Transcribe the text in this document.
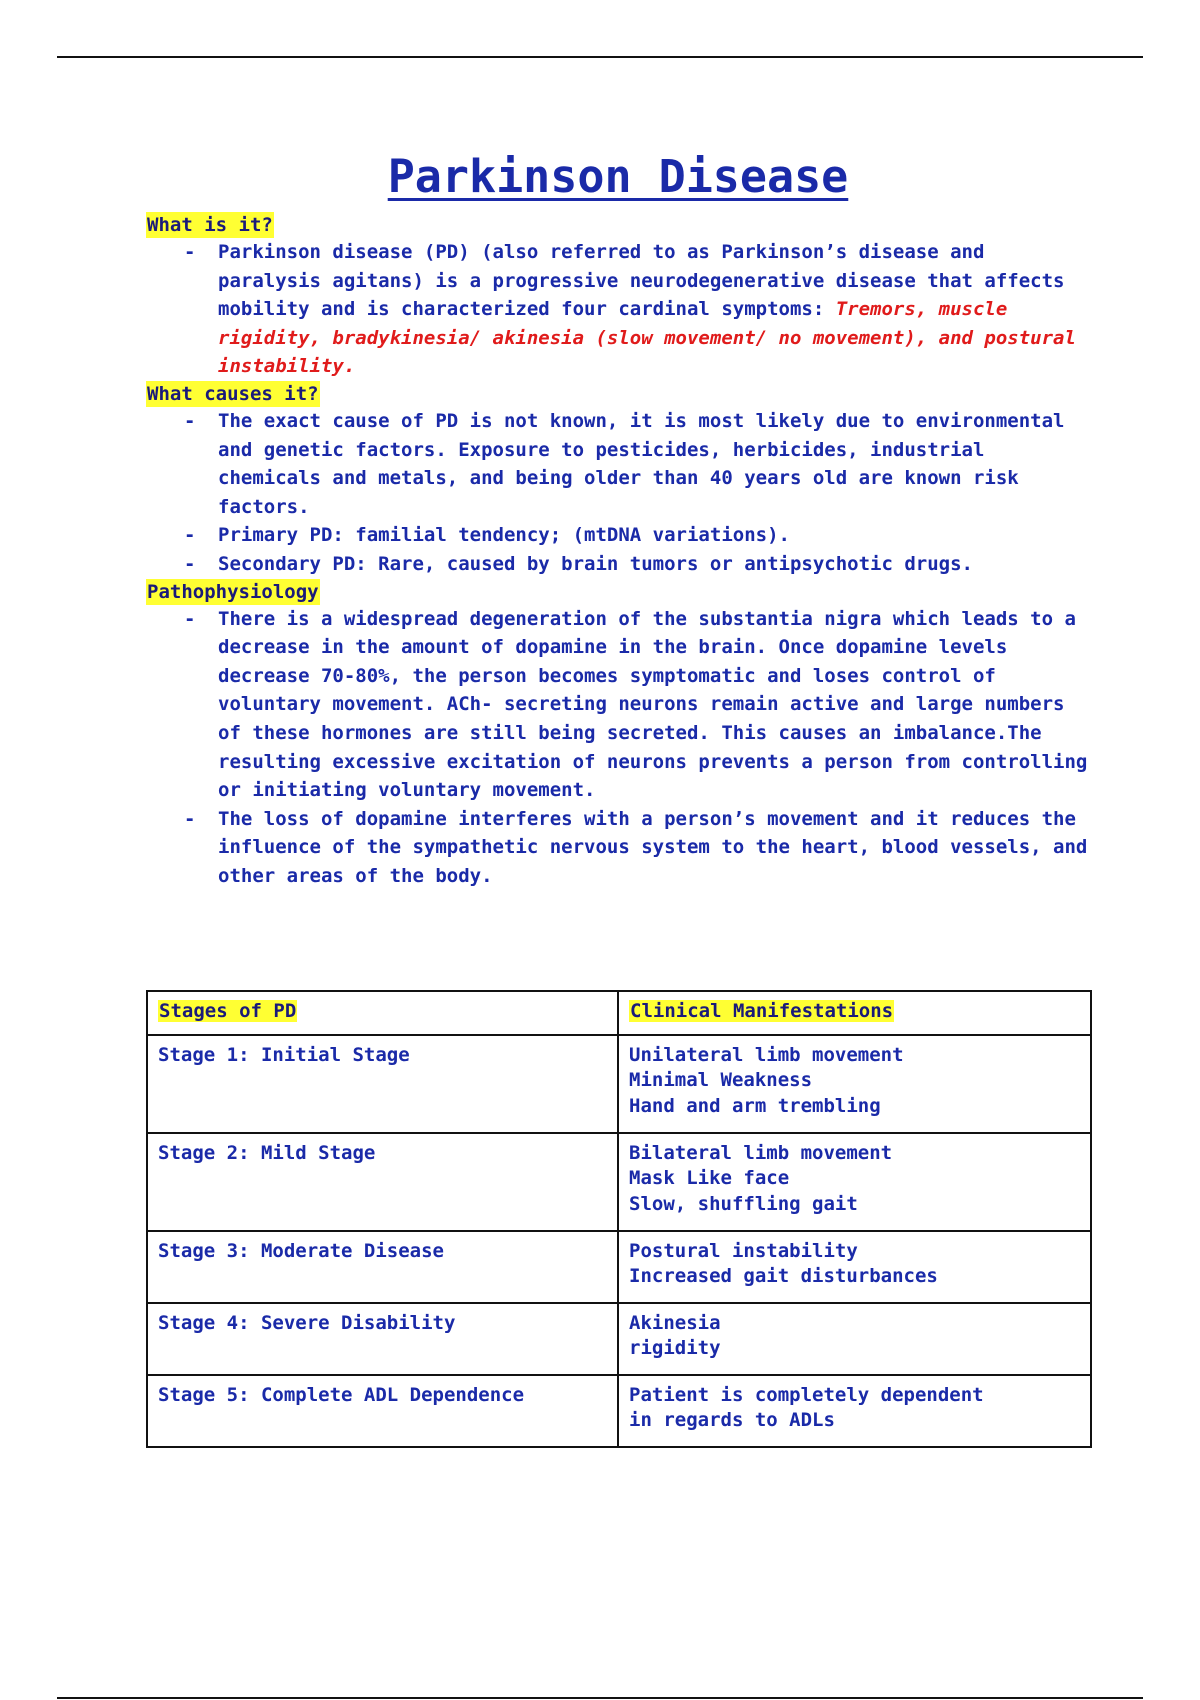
Parkinson Disease
What is it?
- Parkinson disease (PD) (also referred to as Parkinson’s disease and paralysis agitans) is a progressive neurodegenerative disease that affects mobility and is characterized four cardinal symptoms: Tremors, muscle rigidity, bradykinesia/ akinesia (slow movement/ no movement), and postural instability.
What causes it?
- The exact cause of PD is not known, it is most likely due to environmental and genetic factors. Exposure to pesticides, herbicides, industrial chemicals and metals, and being older than 40 years old are known risk factors.
- Primary PD: familial tendency; (mtDNA variations).
- Secondary PD: Rare, caused by brain tumors or antipsychotic drugs.
Pathophysiology
- There is a widespread degeneration of the substantia nigra which leads to a decrease in the amount of dopamine in the brain. Once dopamine levels decrease 70-80%, the person becomes symptomatic and loses control of voluntary movement. ACh- secreting neurons remain active and large numbers of these hormones are still being secreted. This causes an imbalance.The resulting excessive excitation of neurons prevents a person from controlling or initiating voluntary movement.
- The loss of dopamine interferes with a person’s movement and it reduces the influence of the sympathetic nervous system to the heart, blood vessels, and other areas of the body.
Stages of PD	Clinical Manifestations
Stage 1: Initial Stage	Unilateral limb movement
Minimal Weakness
Hand and arm trembling

Stage 2: Mild Stage	Bilateral limb movement
Mask Like face
Slow, shuffling gait

Stage 3: Moderate Disease	Postural instability
Increased gait disturbances

Stage 4: Severe Disability	Akinesia
rigidity

Stage 5: Complete ADL Dependence	Patient is completely dependent
in regards to ADLs
